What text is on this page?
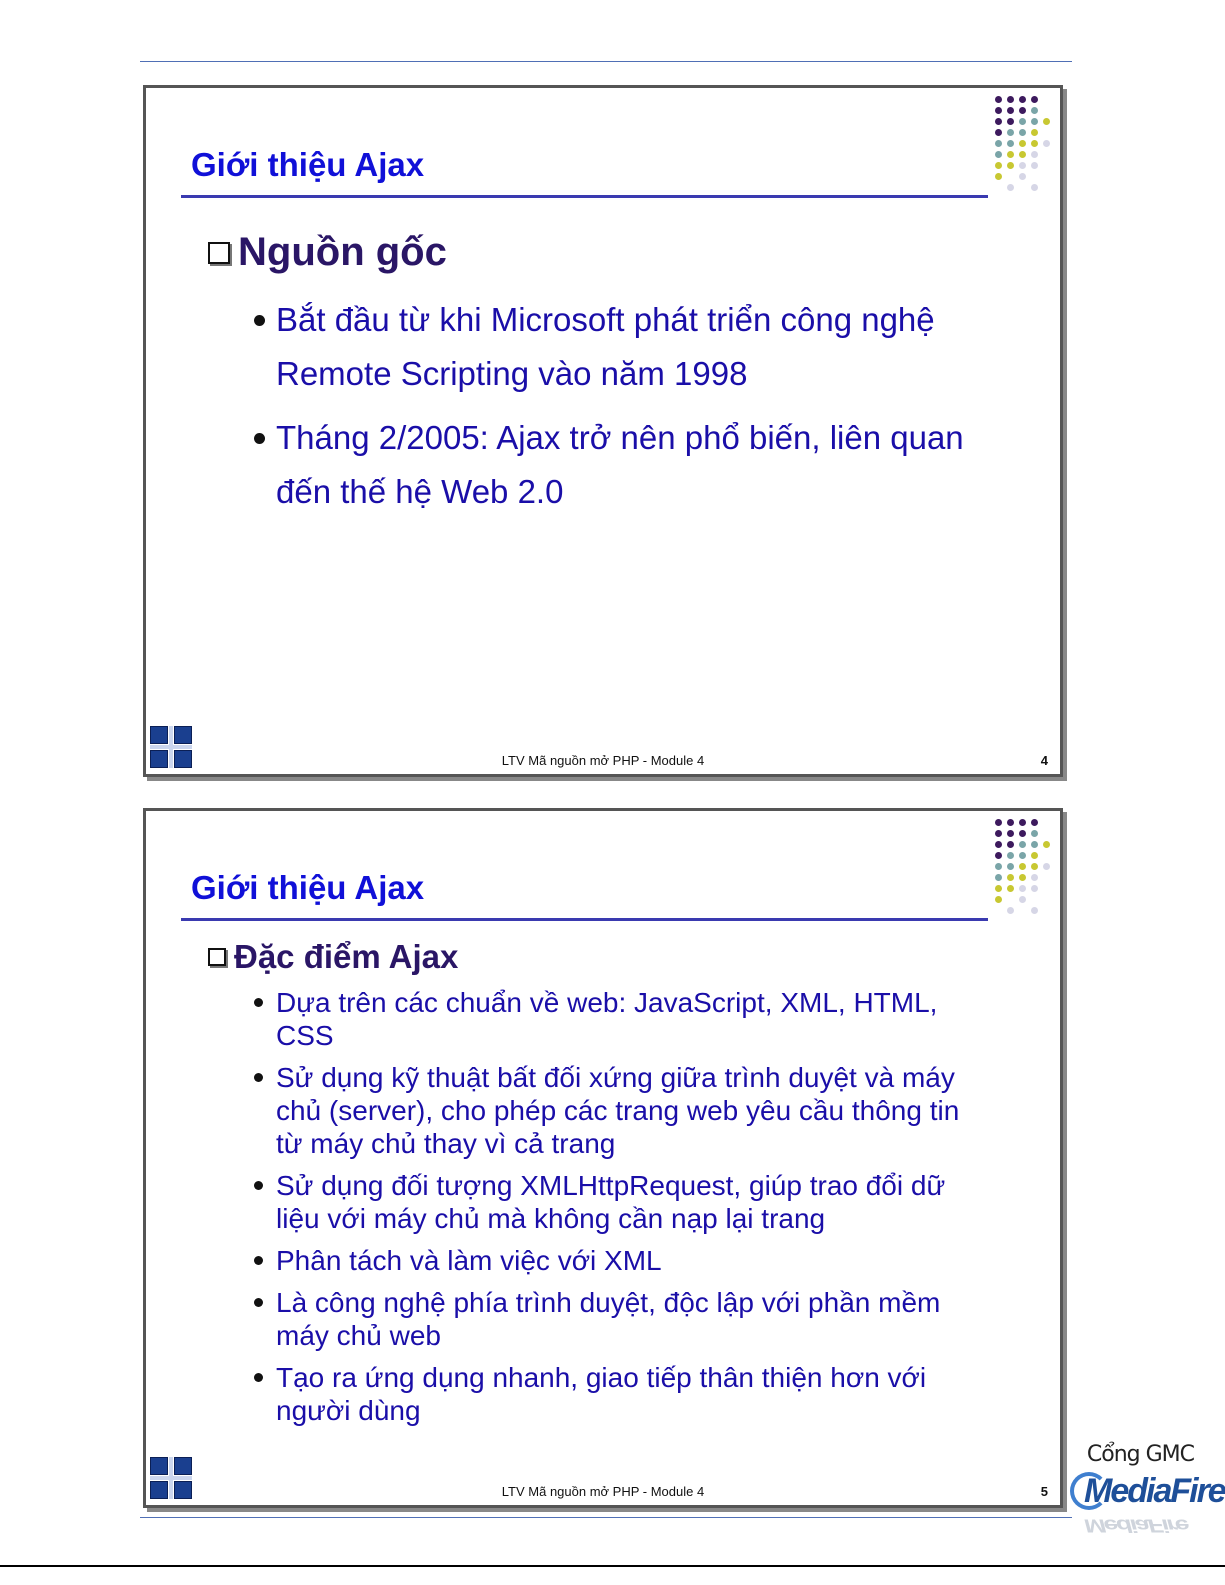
Giới thiệu Ajax
Nguồn gốc
Bắt đầu từ khi Microsoft phát triển công nghệ Remote Scripting vào năm 1998
Tháng 2/2005: Ajax trở nên phổ biến, liên quan đến thế hệ Web 2.0

LTV Mã nguồn mở PHP - Module 4	4
Giới thiệu Ajax
Đặc điểm Ajax
Dựa trên các chuẩn về web: JavaScript, XML, HTML, CSS
Sử dụng kỹ thuật bất đối xứng giữa trình duyệt và máy chủ (server), cho phép các trang web yêu cầu thông tin từ máy chủ thay vì cả trang
Sử dụng đối tượng XMLHttpRequest, giúp trao đổi dữ liệu với máy chủ mà không cần nạp lại trang
Phân tách và làm việc với XML
Là công nghệ phía trình duyệt, độc lập với phần mềm máy chủ web
Tạo ra ứng dụng nhanh, giao tiếp thân thiện hơn với người dùng

LTV Mã nguồn mở PHP - Module 4	5
Cổng GMC
MediaFire
MediaFire
